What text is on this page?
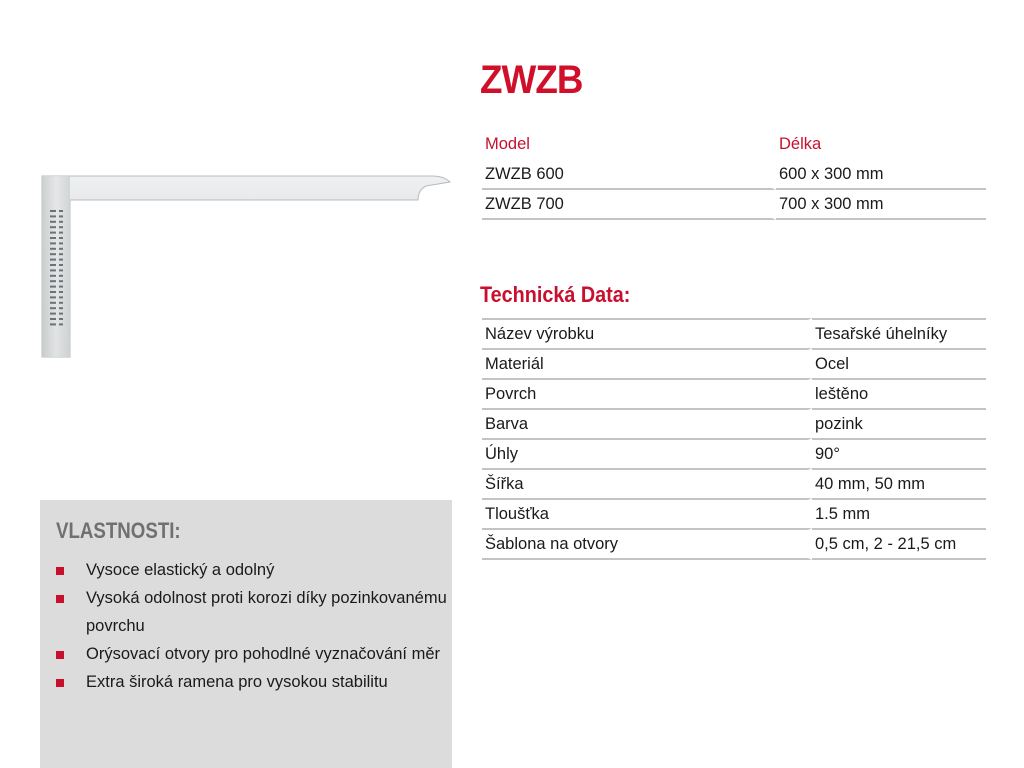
ZWZB
Model	Délka
ZWZB 600	600 x 300 mm
ZWZB 700	700 x 300 mm
Technická Data:
Název výrobku	Tesařské úhelníky
Materiál	Ocel
Povrch	leštěno
Barva	pozink
Úhly	90°
Šířka	40 mm, 50 mm
Tloušťka	1.5 mm
Šablona na otvory	0,5 cm, 2 - 21,5 cm
VLASTNOSTI:
Vysoce elastický a odolný
Vysoká odolnost proti korozi díky pozinkovanému povrchu
Orýsovací otvory pro pohodlné vyznačování měr
Extra široká ramena pro vysokou stabilitu
